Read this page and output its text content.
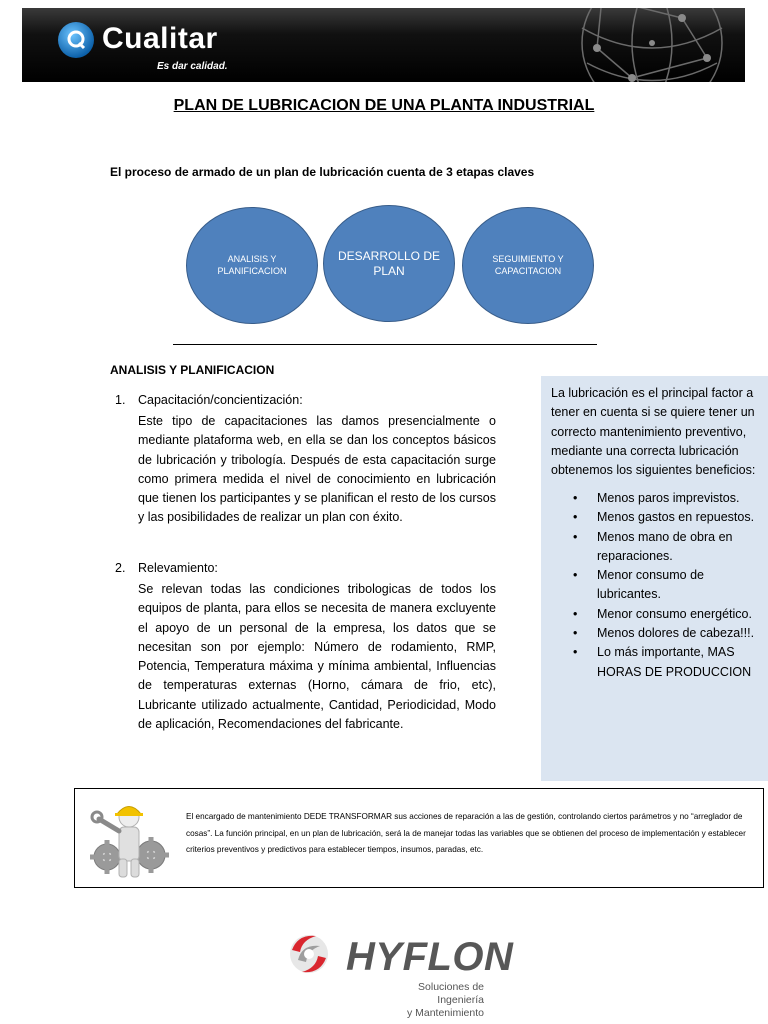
Cualitar
Es dar calidad.
PLAN DE LUBRICACION DE UNA PLANTA INDUSTRIAL
El proceso de armado de un plan de lubricación cuenta de 3 etapas claves
ANALISIS Y PLANIFICACION
DESARROLLO DE PLAN
SEGUIMIENTO Y CAPACITACION
ANALISIS Y PLANIFICACION
1. Capacitación/concientización:
Este tipo de capacitaciones las damos presencialmente o mediante plataforma web, en ella se dan los conceptos básicos de lubricación y tribología. Después de esta capacitación surge como primera medida el nivel de conocimiento en lubricación que tienen los participantes y se planifican el resto de los cursos y las posibilidades de realizar un plan con éxito.
2. Relevamiento:
Se relevan todas las condiciones tribologicas de todos los equipos de planta, para ellos se necesita de manera excluyente el apoyo de un personal de la empresa, los datos que se necesitan son por ejemplo: Número de rodamiento, RMP, Potencia, Temperatura máxima y mínima ambiental, Influencias de temperaturas externas (Horno, cámara de frio, etc), Lubricante utilizado actualmente, Cantidad, Periodicidad, Modo de aplicación, Recomendaciones del fabricante.
La lubricación es el principal factor a tener en cuenta si se quiere tener un correcto mantenimiento preventivo, mediante una correcta lubricación obtenemos los siguientes beneficios:
• Menos paros imprevistos.
• Menos gastos en repuestos.
• Menos mano de obra en reparaciones.
• Menor consumo de lubricantes.
• Menor consumo energético.
• Menos dolores de cabeza!!!.
• Lo más importante, MAS HORAS DE PRODUCCION
El encargado de mantenimiento DEDE TRANSFORMAR sus acciones de reparación a las de gestión, controlando ciertos parámetros y no “arreglador de cosas”. La función principal, en un plan de lubricación, será la de manejar todas las variables que se obtienen del proceso de implementación y establecer criterios preventivos y predictivos para establecer tiempos, insumos, paradas, etc.
HYFLON
Soluciones de Ingeniería
y Mantenimiento
